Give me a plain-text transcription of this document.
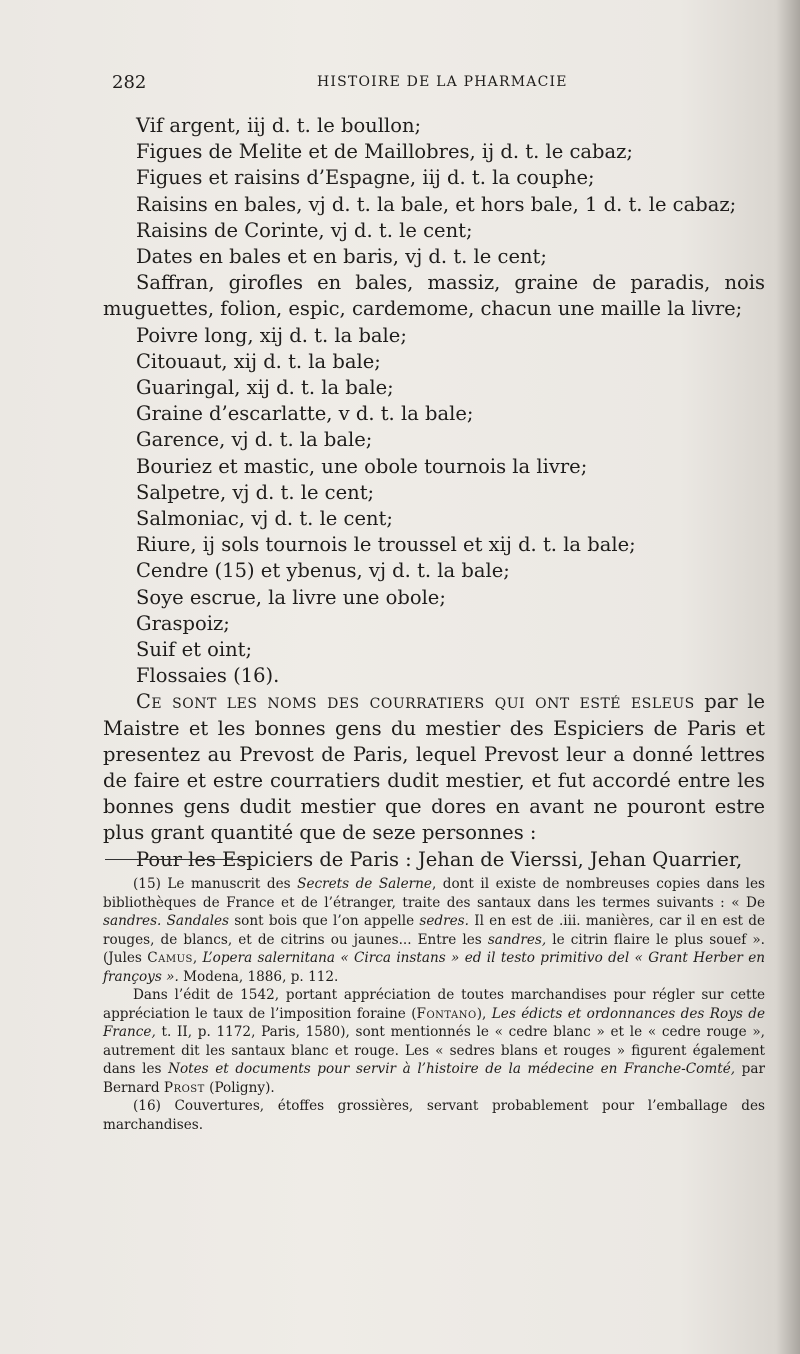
282	HISTOIRE DE LA PHARMACIE
Vif argent, iij d. t. le boullon;
Figues de Melite et de Maillobres, ij d. t. le cabaz;
Figues et raisins d’Espagne, iij d. t. la couphe;
Raisins en bales, vj d. t. la bale, et hors bale, 1 d. t. le cabaz;
Raisins de Corinte, vj d. t. le cent;
Dates en bales et en baris, vj d. t. le cent;
Saffran, girofles en bales, massiz, graine de paradis, nois muguettes, folion, espic, cardemome, chacun une maille la livre;
Poivre long, xij d. t. la bale;
Citouaut, xij d. t. la bale;
Guaringal, xij d. t. la bale;
Graine d’escarlatte, v d. t. la bale;
Garence, vj d. t. la bale;
Bouriez et mastic, une obole tournois la livre;
Salpetre, vj d. t. le cent;
Salmoniac, vj d. t. le cent;
Riure, ij sols tournois le troussel et xij d. t. la bale;
Cendre (15) et ybenus, vj d. t. la bale;
Soye escrue, la livre une obole;
Graspoiz;
Suif et oint;
Flossaies (16).

Ce sont les noms des courratiers qui ont esté esleus par le Maistre et les bonnes gens du mestier des Espiciers de Paris et presentez au Prevost de Paris, lequel Prevost leur a donné lettres de faire et estre courratiers dudit mestier, et fut accordé entre les bonnes gens dudit mestier que dores en avant ne pouront estre plus grant quantité que de seze personnes :

Pour les Espiciers de Paris : Jehan de Vierssi, Jehan Quarrier,

(15) Le manuscrit des Secrets de Salerne, dont il existe de nombreuses copies dans les bibliothèques de France et de l’étranger, traite des santaux dans les termes suivants : « De sandres. Sandales sont bois que l’on appelle sedres. Il en est de .iii. manières, car il en est de rouges, de blancs, et de citrins ou jaunes... Entre les sandres, le citrin flaire le plus souef ». (Jules Camus, L’opera salernitana « Circa instans » ed il testo primitivo del « Grant Herber en françoys ». Modena, 1886, p. 112.

Dans l’édit de 1542, portant appréciation de toutes marchandises pour régler sur cette appréciation le taux de l’imposition foraine (Fontano), Les édicts et ordonnances des Roys de France, t. II, p. 1172, Paris, 1580), sont mentionnés le « cedre blanc » et le « cedre rouge », autrement dit les santaux blanc et rouge. Les « sedres blans et rouges » figurent également dans les Notes et documents pour servir à l’histoire de la médecine en Franche-Comté, par Bernard Prost (Poligny).

(16) Couvertures, étoffes grossières, servant probablement pour l’emballage des marchandises.
